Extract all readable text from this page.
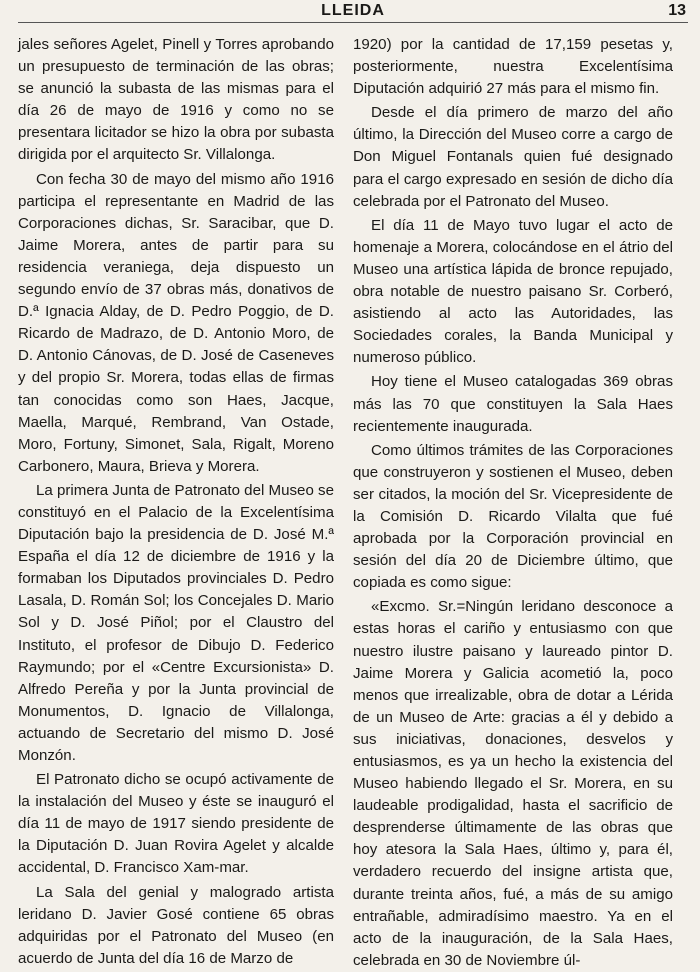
LLEIDA	13

jales señores Agelet, Pinell y Torres aprobando un presupuesto de terminación de las obras; se anunció la subasta de las mismas para el día 26 de mayo de 1916 y como no se presentara licitador se hizo la obra por subasta dirigida por el arquitecto Sr. Villalonga.

Con fecha 30 de mayo del mismo año 1916 participa el representante en Madrid de las Corporaciones dichas, Sr. Saracibar, que D. Jaime Morera, antes de partir para su residencia veraniega, deja dispuesto un segundo envío de 37 obras más, donativos de D.ª Ignacia Alday, de D. Pedro Poggio, de D. Ricardo de Madrazo, de D. Antonio Moro, de D. Antonio Cánovas, de D. José de Caseneves y del propio Sr. Morera, todas ellas de firmas tan conocidas como son Haes, Jacque, Maella, Marqué, Rembrand, Van Ostade, Moro, Fortuny, Simonet, Sala, Rigalt, Moreno Carbonero, Maura, Brieva y Morera.

La primera Junta de Patronato del Museo se constituyó en el Palacio de la Excelentísima Diputación bajo la presidencia de D. José M.ª España el día 12 de diciembre de 1916 y la formaban los Diputados provinciales D. Pedro Lasala, D. Román Sol; los Concejales D. Mario Sol y D. José Piñol; por el Claustro del Instituto, el profesor de Dibujo D. Federico Raymundo; por el «Centre Excursionista» D. Alfredo Pereña y por la Junta provincial de Monumentos, D. Ignacio de Villalonga, actuando de Secretario del mismo D. José Monzón.

El Patronato dicho se ocupó activamente de la instalación del Museo y éste se inauguró el día 11 de mayo de 1917 siendo presidente de la Diputación D. Juan Rovira Agelet y alcalde accidental, D. Francisco Xam-mar.

La Sala del genial y malogrado artista leridano D. Javier Gosé contiene 65 obras adquiridas por el Patronato del Museo (en acuerdo de Junta del día 16 de Marzo de

1920) por la cantidad de 17,159 pesetas y, posteriormente, nuestra Excelentísima Diputación adquirió 27 más para el mismo fin.

Desde el día primero de marzo del año último, la Dirección del Museo corre a cargo de Don Miguel Fontanals quien fué designado para el cargo expresado en sesión de dicho día celebrada por el Patronato del Museo.

El día 11 de Mayo tuvo lugar el acto de homenaje a Morera, colocándose en el átrio del Museo una artística lápida de bronce repujado, obra notable de nuestro paisano Sr. Corberó, asistiendo al acto las Autoridades, las Sociedades corales, la Banda Municipal y numeroso público.

Hoy tiene el Museo catalogadas 369 obras más las 70 que constituyen la Sala Haes recientemente inaugurada.

Como últimos trámites de las Corporaciones que construyeron y sostienen el Museo, deben ser citados, la moción del Sr. Vicepresidente de la Comisión D. Ricardo Vilalta que fué aprobada por la Corporación provincial en sesión del día 20 de Diciembre último, que copiada es como sigue:

«Excmo. Sr.=Ningún leridano desconoce a estas horas el cariño y entusiasmo con que nuestro ilustre paisano y laureado pintor D. Jaime Morera y Galicia acometió la, poco menos que irrealizable, obra de dotar a Lérida de un Museo de Arte: gracias a él y debido a sus iniciativas, donaciones, desvelos y entusiasmos, es ya un hecho la existencia del Museo habiendo llegado el Sr. Morera, en su laudeable prodigalidad, hasta el sacrificio de desprenderse últimamente de las obras que hoy atesora la Sala Haes, último y, para él, verdadero recuerdo del insigne artista que, durante treinta años, fué, a más de su amigo entrañable, admiradísimo maestro. Ya en el acto de la inauguración, de la Sala Haes, celebrada en 30 de Noviembre úl-
